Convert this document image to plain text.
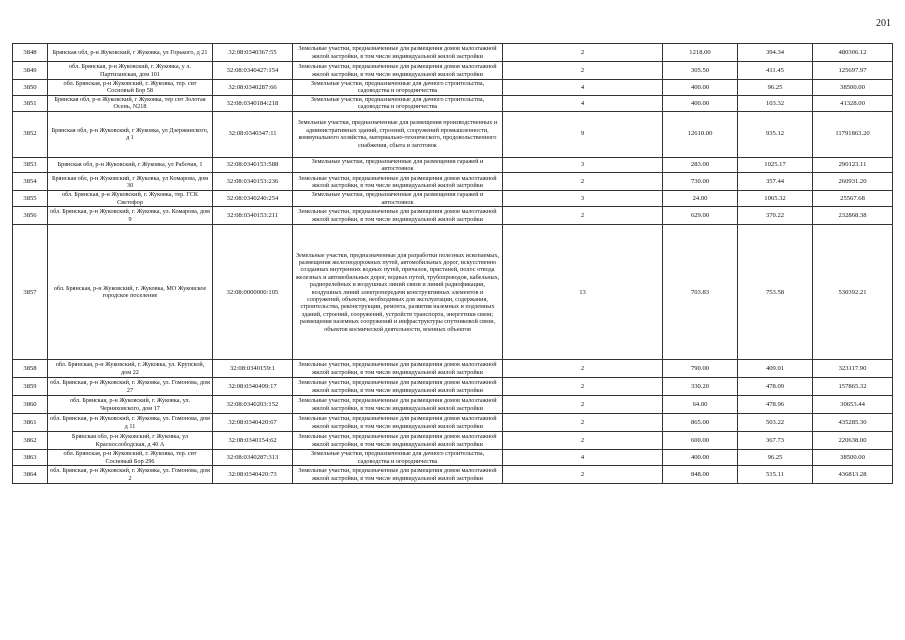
201
3848	Брянская обл, р-н Жуковский, г Жуковка, ул Горького, д 21	32:08:0340367:55	Земельные участки, предназначенные для размещения домов малоэтажной жилой застройки, в том числе индивидуальной жилой застройки	2	1218.00	394.34	480306.12
3849	обл. Брянская, р-н Жуковский, г. Жуковка, у л. Партизанская, дом 101	32:08:0340427:154	Земельные участки, предназначенные для размещения домов малоэтажной жилой застройки, в том числе индивидуальной жилой застройки	2	305.50	411.45	125697.97
3850	обл. Брянская, р-н Жуковский, г. Жуковка, тер. снт Сосновый Бор 58	32:08:0340287:66	Земельные участки, предназначенные для дачного строительства, садоводства и огородничества	4	400.00	96.25	38500.00
3851	Брянская обл, р-н Жуковский, г Жуковка, тер снт Золотая Осень, N218	32:08:0340184:218	Земельные участки, предназначенные для дачного строительства, садоводства и огородничества	4	400.00	103.32	41328.00
3852	Брянская обл, р-н Жуковский, г Жуковка, ул Дзержинского, д 1	32:08:0340347:11	Земельные участки, предназначенные для размещения производственных и административных зданий, строений, сооружений промышленности, коммунального хозяйства, материально-технического, продовольственного снабжения, сбыта и заготовок	9	12610.00	935.12	11791863.20
3853	Брянская обл, р-н Жуковский, г Жуковка, ул Рабочая, 1	32:08:0340153:588	Земельные участки, предназначенные для размещения гаражей и автостоянок	3	283.00	1025.17	290123.11
3854	Брянская обл, р-н Жуковский, г Жуковка, ул Комарова, дом 30	32:08:0340153:236	Земельные участки, предназначенные для размещения домов малоэтажной жилой застройки, в том числе индивидуальной жилой застройки	2	730.00	357.44	260931.20
3855	обл. Брянская, р-н Жуковский, г. Жуковка, тер. ГСК Светофор	32:08:0340240:254	Земельные участки, предназначенные для размещения гаражей и автостоянок	3	24.00	1065.32	25567.68
3856	обл. Брянская, р-н Жуковский, г. Жуковка, ул. Комарова, дом 9	32:08:0340153:211	Земельные участки, предназначенные для размещения домов малоэтажной жилой застройки, в том числе индивидуальной жилой застройки	2	629.00	370.22	232868.38
3857	обл. Брянская, р-н Жуковский, г. Жуковка, МО Жуковское городское поселение	32:08:0000000:105	Земельные участки, предназначенные для разработки полезных ископаемых, размещения железнодорожных путей, автомобильных дорог, искусственно созданных внутренних водных путей, причалов, пристаней, полос отвода железных и автомобильных дорог, водных путей, трубопроводов, кабельных, радиорелейных и воздушных линий связи и линий радиофикации, воздушных линий электропередачи конструктивных элементов и сооружений, объектов, необходимых для эксплуатации, содержания, строительства, реконструкции, ремонта, развития наземных и подземных зданий, строений, сооружений, устройств транспорта, энергетики связи; размещения наземных сооружений и инфраструктуры спутниковой связи, объектов космической деятельности, военных объектов	13	703.83	753.58	530392.21
3858	обл. Брянская, р-н Жуковский, г. Жуковка, ул. Крупской, дом 22	32:08:0340159:1	Земельные участки, предназначенные для размещения домов малоэтажной жилой застройки, в том числе индивидуальной жилой застройки	2	790.00	409.01	323117.90
3859	обл. Брянская, р-н Жуковский, г. Жуковка, ул. Гомонова, дом 27	32:08:0340499:17	Земельные участки, предназначенные для размещения домов малоэтажной жилой застройки, в том числе индивидуальной жилой застройки	2	330.20	478.09	157865.32
3860	обл. Брянская, р-н Жуковский, г. Жуковка, ул. Черняховского, дом 17	32:08:0340203:152	Земельные участки, предназначенные для размещения домов малоэтажной жилой застройки, в том числе индивидуальной жилой застройки	2	64.00	478.96	30653.44
3861	обл. Брянская, р-н Жуковский, г. Жуковка, ул. Гомонова, дом д 11	32:08:0340420:67	Земельные участки, предназначенные для размещения домов малоэтажной жилой застройки, в том числе индивидуальной жилой застройки	2	865.00	503.22	435285.30
3862	Брянская обл, р-н Жуковский, г Жуковка, ул Краснослободская, д 40 А	32:08:0340154:62	Земельные участки, предназначенные для размещения домов малоэтажной жилой застройки, в том числе индивидуальной жилой застройки	2	600.00	367.73	220638.00
3863	обл. Брянская, р-н Жуковский, г. Жуковка, тер. снт Сосновый Бор 296	32:08:0340287:313	Земельные участки, предназначенные для дачного строительства, садоводства и огородничества	4	400.00	96.25	38500.00
3864	обл. Брянская, р-н Жуковский, г. Жуковка, ул. Гомонова, дом 2	32:08:0340420:73	Земельные участки, предназначенные для размещения домов малоэтажной жилой застройки, в том числе индивидуальной жилой застройки	2	848.00	515.11	436813.28
